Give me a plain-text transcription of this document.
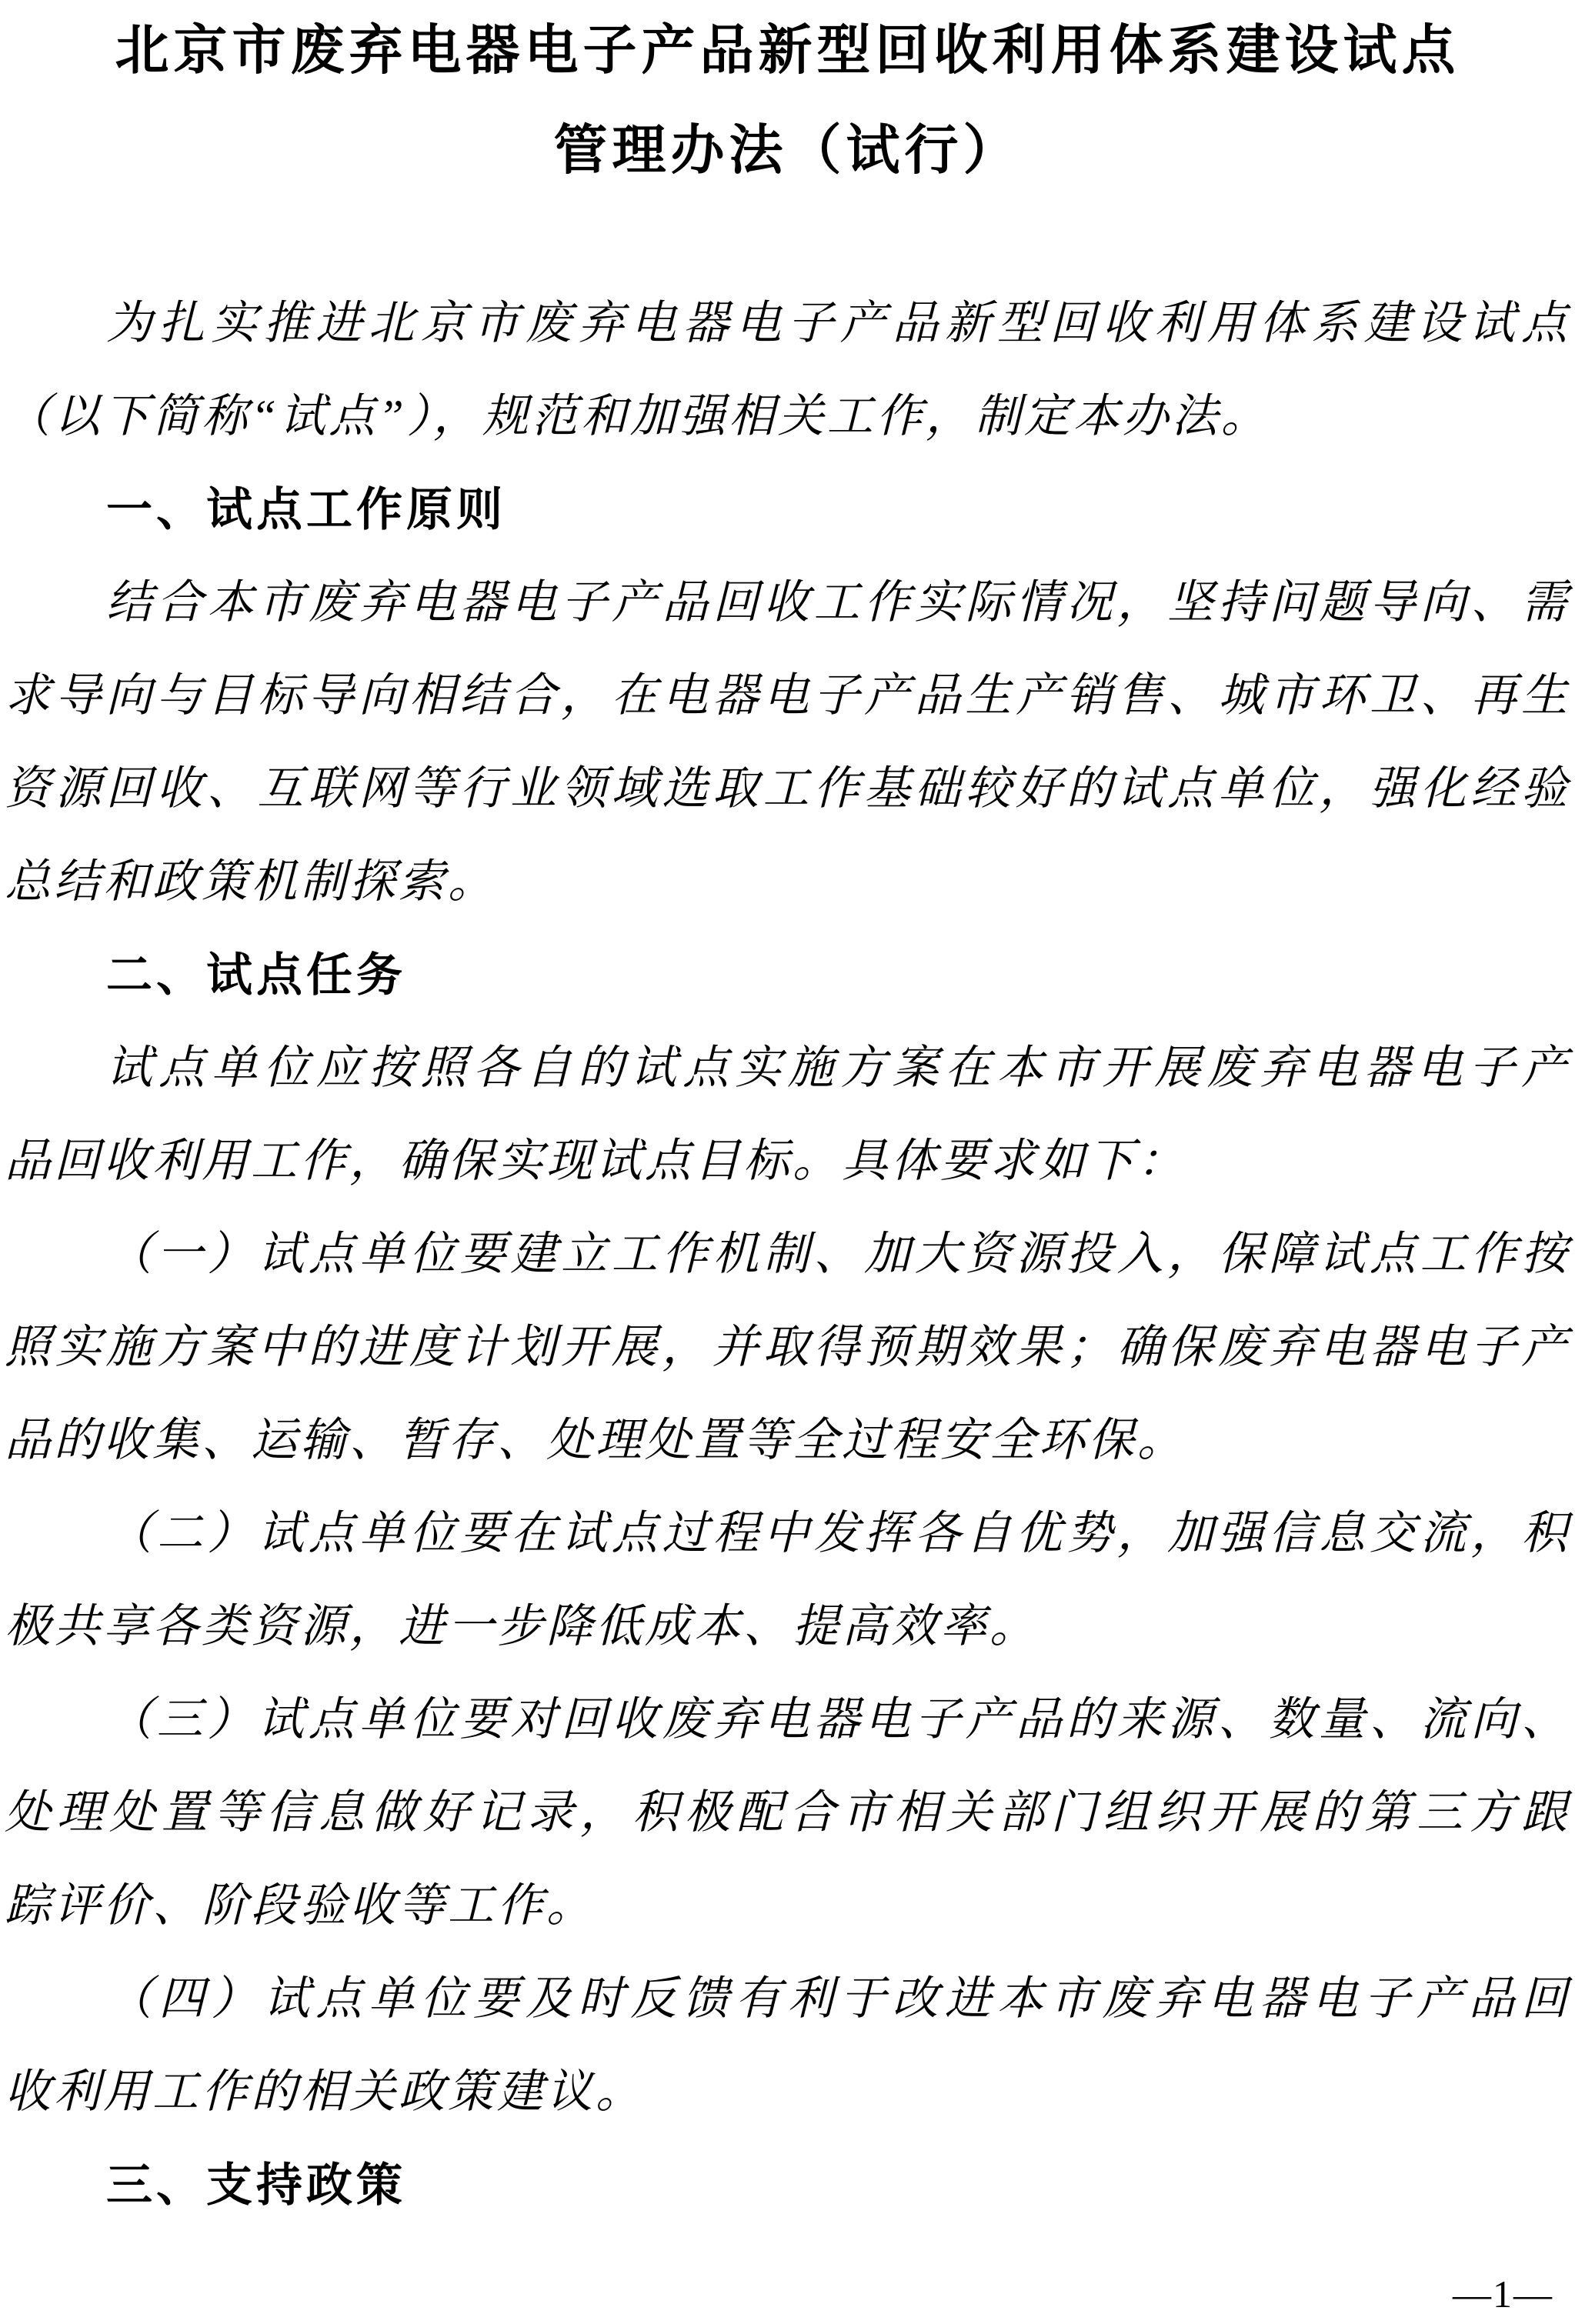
北京市废弃电器电子产品新型回收利用体系建设试点
管理办法（试行）
为扎实推进北京市废弃电器电子产品新型回收利用体系建设试点
（以下简称“试点”），规范和加强相关工作，制定本办法。
一、试点工作原则
结合本市废弃电器电子产品回收工作实际情况，坚持问题导向、需
求导向与目标导向相结合，在电器电子产品生产销售、城市环卫、再生
资源回收、互联网等行业领域选取工作基础较好的试点单位，强化经验
总结和政策机制探索。
二、试点任务
试点单位应按照各自的试点实施方案在本市开展废弃电器电子产
品回收利用工作，确保实现试点目标。具体要求如下：
（一）试点单位要建立工作机制、加大资源投入，保障试点工作按
照实施方案中的进度计划开展，并取得预期效果；确保废弃电器电子产
品的收集、运输、暂存、处理处置等全过程安全环保。
（二）试点单位要在试点过程中发挥各自优势，加强信息交流，积
极共享各类资源，进一步降低成本、提高效率。
（三）试点单位要对回收废弃电器电子产品的来源、数量、流向、
处理处置等信息做好记录，积极配合市相关部门组织开展的第三方跟
踪评价、阶段验收等工作。
（四）试点单位要及时反馈有利于改进本市废弃电器电子产品回
收利用工作的相关政策建议。
三、支持政策
—1—
